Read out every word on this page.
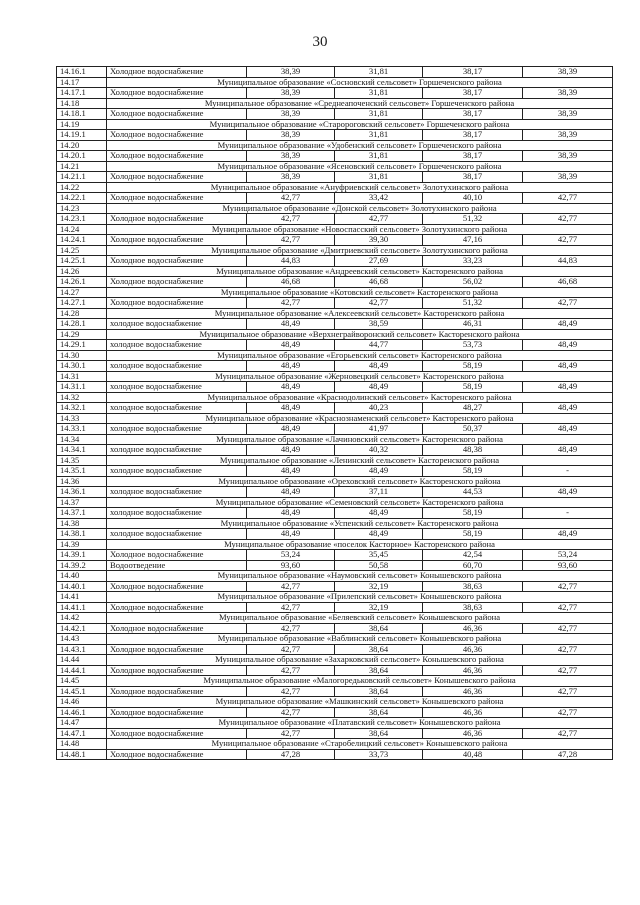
30
14.16.1	Холодное водоснабжение	38,39	31,81	38,17	38,39
14.17	Муниципальное образование «Сосновский сельсовет» Горшеченского района				
14.17.1	Холодное водоснабжение	38,39	31,81	38,17	38,39
14.18	Муниципальное образование «Среднеапоченский сельсовет» Горшеченского района				
14.18.1	Холодное водоснабжение	38,39	31,81	38,17	38,39
14.19	Муниципальное образование «Старороговский сельсовет» Горшеченского района				
14.19.1	Холодное водоснабжение	38,39	31,81	38,17	38,39
14.20	Муниципальное образование «Удобенский сельсовет» Горшеченского района				
14.20.1	Холодное водоснабжение	38,39	31,81	38,17	38,39
14.21	Муниципальное образование «Ясеновский сельсовет» Горшеченского района				
14.21.1	Холодное водоснабжение	38,39	31,81	38,17	38,39
14.22	Муниципальное образование «Ануфриевский сельсовет» Золотухинского района				
14.22.1	Холодное водоснабжение	42,77	33,42	40,10	42,77
14.23	Муниципальное образование «Донской сельсовет» Золотухинского района				
14.23.1	Холодное водоснабжение	42,77	42,77	51,32	42,77
14.24	Муниципальное образование «Новоспасский сельсовет» Золотухинского района				
14.24.1	Холодное водоснабжение	42,77	39,30	47,16	42,77
14.25	Муниципальное образование «Дмитриевский сельсовет» Золотухинского района				
14.25.1	Холодное водоснабжение	44,83	27,69	33,23	44,83
14.26	Муниципальное образование «Андреевский сельсовет» Касторенского района				
14.26.1	Холодное водоснабжение	46,68	46,68	56,02	46,68
14.27	Муниципальное образование «Котовский сельсовет» Касторенского района				
14.27.1	Холодное водоснабжение	42,77	42,77	51,32	42,77
14.28	Муниципальное образование «Алексеевский сельсовет» Касторенского района				
14.28.1	холодное водоснабжение	48,49	38,59	46,31	48,49
14.29	Муниципальное образование «Верхнеграйворонский сельсовет» Касторенского района				
14.29.1	холодное водоснабжение	48,49	44,77	53,73	48,49
14.30	Муниципальное образование «Егорьевский сельсовет» Касторенского района				
14.30.1	холодное водоснабжение	48,49	48,49	58,19	48,49
14.31	Муниципальное образование «Жерновецкий сельсовет» Касторенского района				
14.31.1	холодное водоснабжение	48,49	48,49	58,19	48,49
14.32	Муниципальное образование «Краснодолинский сельсовет» Касторенского района				
14.32.1	холодное водоснабжение	48,49	40,23	48,27	48,49
14.33	Муниципальное образование «Краснознаменский сельсовет» Касторенского района				
14.33.1	холодное водоснабжение	48,49	41,97	50,37	48,49
14.34	Муниципальное образование «Лачиновский сельсовет» Касторенского района				
14.34.1	холодное водоснабжение	48,49	40,32	48,38	48,49
14.35	Муниципальное образование «Ленинский сельсовет» Касторенского района				
14.35.1	холодное водоснабжение	48,49	48,49	58,19	-
14.36	Муниципальное образование «Ореховский сельсовет» Касторенского района				
14.36.1	холодное водоснабжение	48,49	37,11	44,53	48,49
14.37	Муниципальное образование «Семеновский сельсовет» Касторенского района				
14.37.1	холодное водоснабжение	48,49	48,49	58,19	-
14.38	Муниципальное образование «Успенский сельсовет» Касторенского района				
14.38.1	холодное водоснабжение	48,49	48,49	58,19	48,49
14.39	Муниципальное образование «поселок Касторное» Касторенского района				
14.39.1	Холодное водоснабжение	53,24	35,45	42,54	53,24
14.39.2	Водоотведение	93,60	50,58	60,70	93,60
14.40	Муниципальное образование «Наумовский сельсовет» Конышевского района				
14.40.1	Холодное водоснабжение	42,77	32,19	38,63	42,77
14.41	Муниципальное образование «Прилепский сельсовет» Конышевского района				
14.41.1	Холодное водоснабжение	42,77	32,19	38,63	42,77
14.42	Муниципальное образование «Беляевский сельсовет» Конышевского района				
14.42.1	Холодное водоснабжение	42,77	38,64	46,36	42,77
14.43	Муниципальное образование «Ваблинский сельсовет» Конышевского района				
14.43.1	Холодное водоснабжение	42,77	38,64	46,36	42,77
14.44	Муниципальное образование «Захарковский сельсовет» Конышевского района				
14.44.1	Холодное водоснабжение	42,77	38,64	46,36	42,77
14.45	Муниципальное образование «Малогоредьковский сельсовет» Конышевского района				
14.45.1	Холодное водоснабжение	42,77	38,64	46,36	42,77
14.46	Муниципальное образование «Машкинский сельсовет» Конышевского района				
14.46.1	Холодное водоснабжение	42,77	38,64	46,36	42,77
14.47	Муниципальное образование «Платавский сельсовет» Конышевского района				
14.47.1	Холодное водоснабжение	42,77	38,64	46,36	42,77
14.48	Муниципальное образование «Старобелицкий сельсовет» Конышевского района				
14.48.1	Холодное водоснабжение	47,28	33,73	40,48	47,28
